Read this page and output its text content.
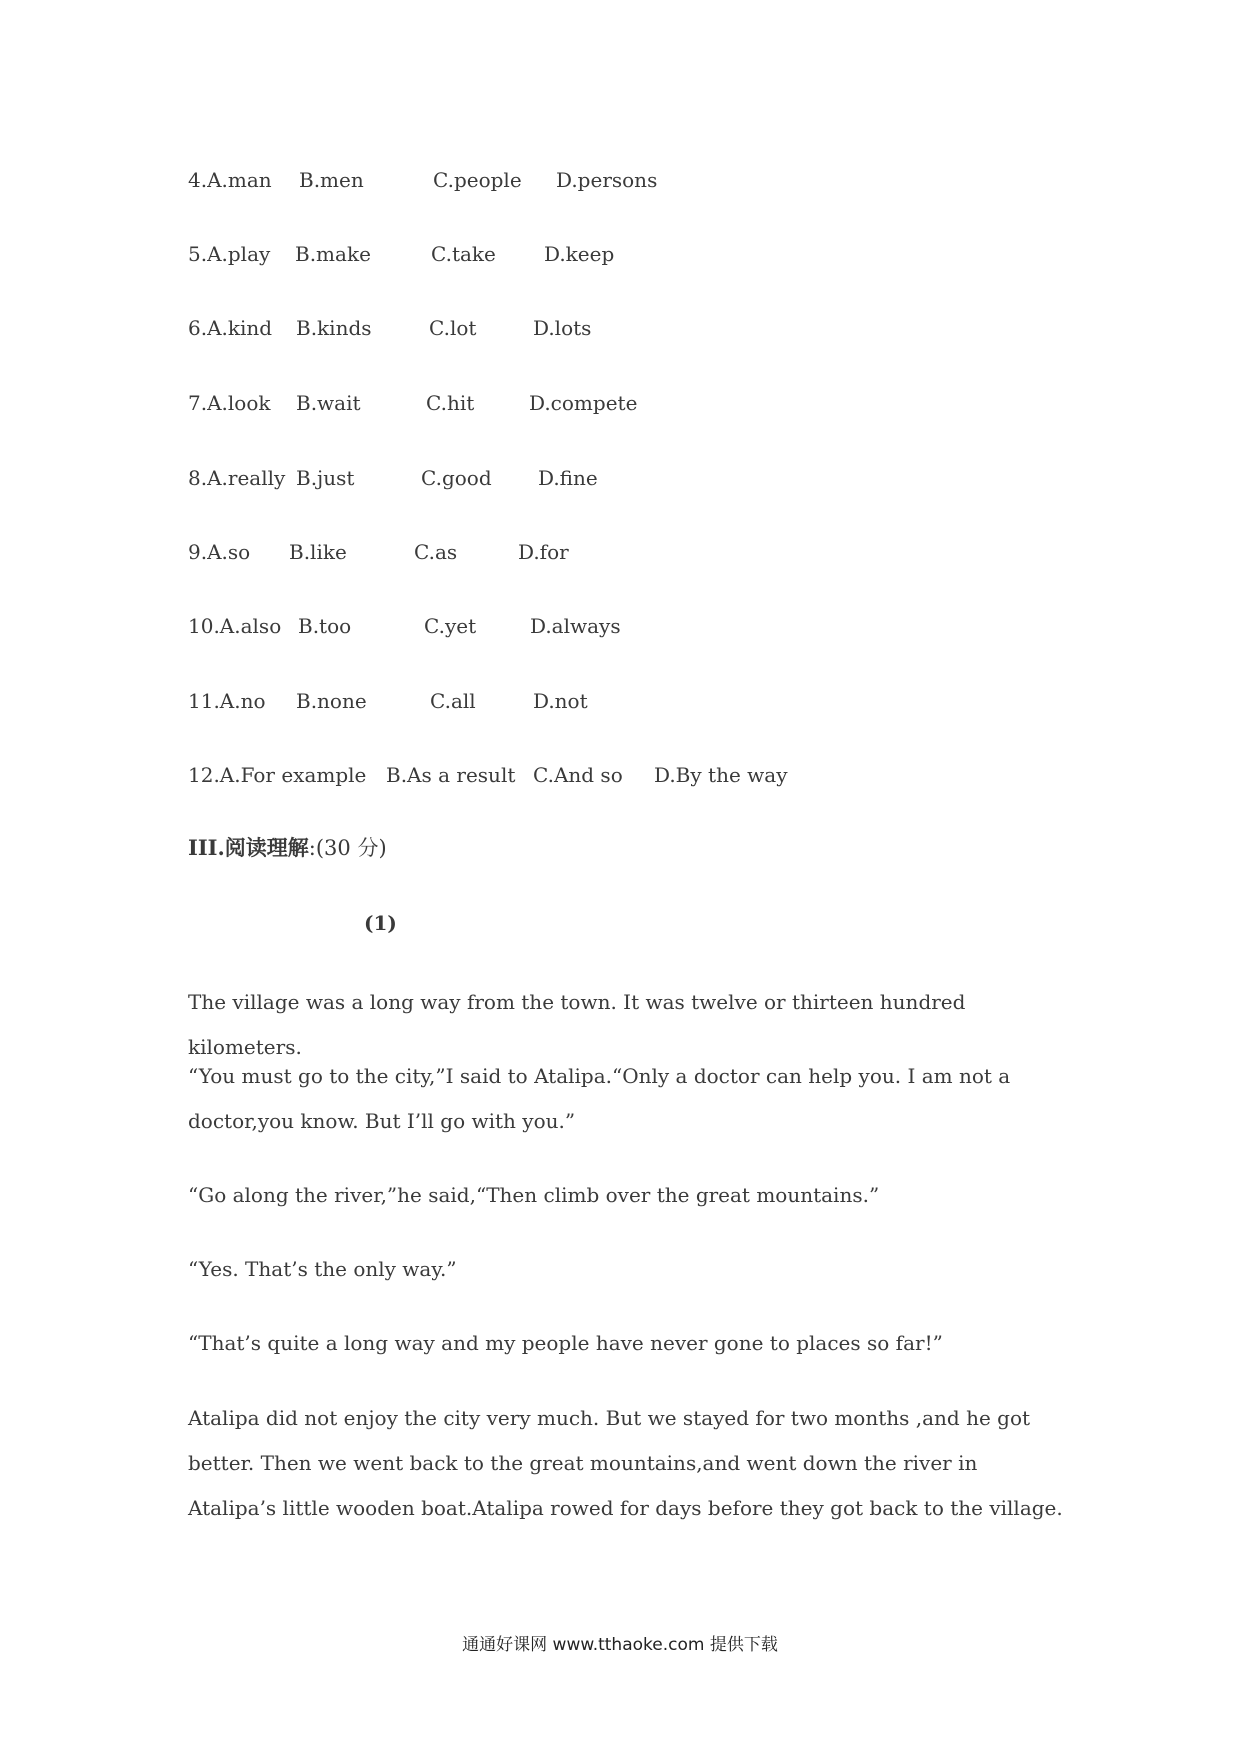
4.A.man B.men	C.people D.persons
5.A.play B.make	C.take D.keep
6.A.kind B.kinds	C.lot	D.lots
7.A.look B.wait	C.hit	D.compete
8.A.really B.just	C.good D.fine
9.A.so B.like	C.as	D.for
10.A.also B.too	C.yet	D.always
11.A.no B.none	C.all	D.not
12.A.For example B.As a result C.And so D.By the way
III.阅读理解:(30 分)
(1)
The village was a long way from the town. It was twelve or thirteen hundred kilometers.
“You must go to the city,”I said to Atalipa.“Only a doctor can help you. I am not a doctor,you know. But I’ll go with you.”
“Go along the river,”he said,“Then climb over the great mountains.”
“Yes. That’s the only way.”
“That’s quite a long way and my people have never gone to places so far!”
Atalipa did not enjoy the city very much. But we stayed for two months ,and he got better. Then we went back to the great mountains,and went down the river in Atalipa’s little wooden boat.Atalipa rowed for days before they got back to the village.
通通好课网 www.tthaoke.com 提供下载
